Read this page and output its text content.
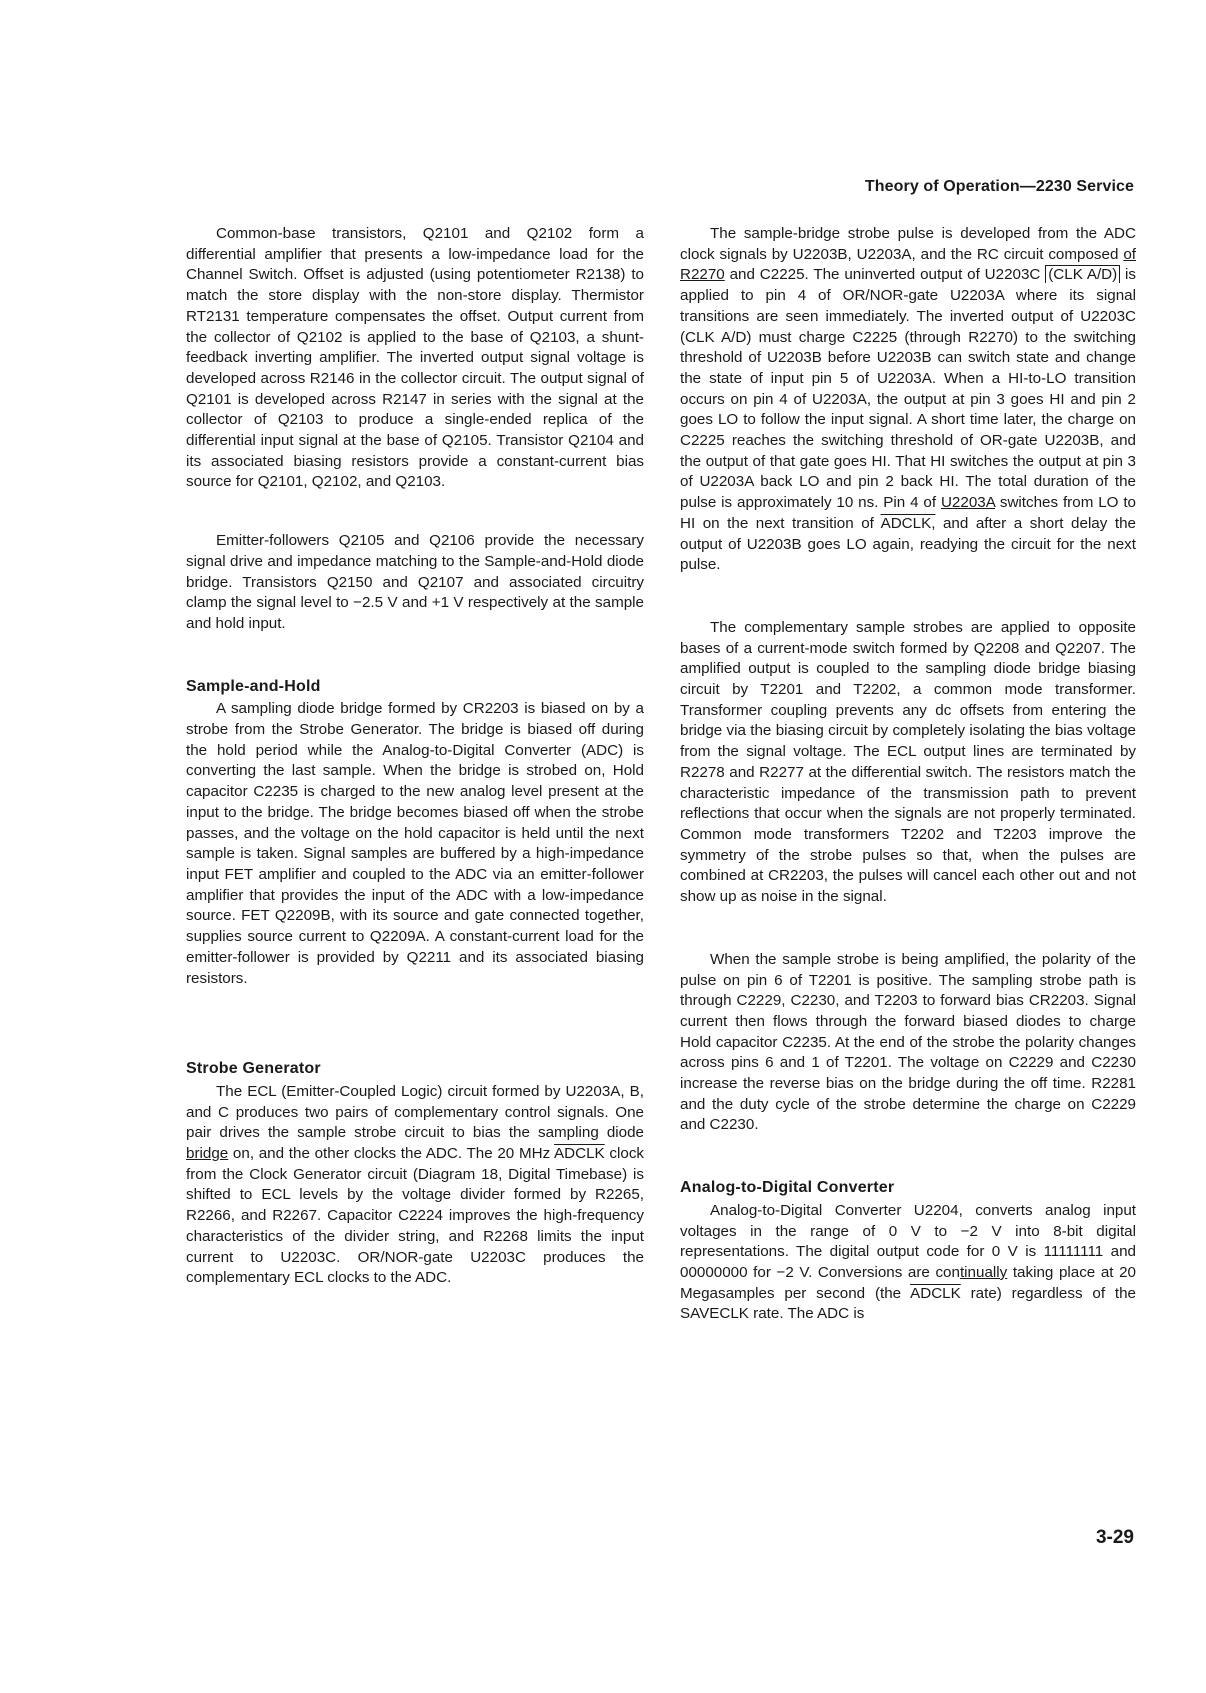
Theory of Operation—2230 Service

Common-base transistors, Q2101 and Q2102 form a differential amplifier that presents a low-impedance load for the Channel Switch. Offset is adjusted (using potentiometer R2138) to match the store display with the non-store display. Thermistor RT2131 temperature compensates the offset. Output current from the collector of Q2102 is applied to the base of Q2103, a shunt-feedback inverting amplifier. The inverted output signal voltage is developed across R2146 in the collector circuit. The output signal of Q2101 is developed across R2147 in series with the signal at the collector of Q2103 to produce a single-ended replica of the differential input signal at the base of Q2105. Transistor Q2104 and its associated biasing resistors provide a constant-current bias source for Q2101, Q2102, and Q2103.

Emitter-followers Q2105 and Q2106 provide the necessary signal drive and impedance matching to the Sample-and-Hold diode bridge. Transistors Q2150 and Q2107 and associated circuitry clamp the signal level to −2.5 V and +1 V respectively at the sample and hold input.

Sample-and-Hold

A sampling diode bridge formed by CR2203 is biased on by a strobe from the Strobe Generator. The bridge is biased off during the hold period while the Analog-to-Digital Converter (ADC) is converting the last sample. When the bridge is strobed on, Hold capacitor C2235 is charged to the new analog level present at the input to the bridge. The bridge becomes biased off when the strobe passes, and the voltage on the hold capacitor is held until the next sample is taken. Signal samples are buffered by a high-impedance input FET amplifier and coupled to the ADC via an emitter-follower amplifier that provides the input of the ADC with a low-impedance source. FET Q2209B, with its source and gate connected together, supplies source current to Q2209A. A constant-current load for the emitter-follower is provided by Q2211 and its associated biasing resistors.

Strobe Generator

The ECL (Emitter-Coupled Logic) circuit formed by U2203A, B, and C produces two pairs of complementary control signals. One pair drives the sample strobe circuit to bias the sampling diode bridge on, and the other clocks the ADC. The 20 MHz ADCLK clock from the Clock Generator circuit (Diagram 18, Digital Timebase) is shifted to ECL levels by the voltage divider formed by R2265, R2266, and R2267. Capacitor C2224 improves the high-frequency characteristics of the divider string, and R2268 limits the input current to U2203C. OR/NOR-gate U2203C produces the complementary ECL clocks to the ADC.

The sample-bridge strobe pulse is developed from the ADC clock signals by U2203B, U2203A, and the RC circuit composed of R2270 and C2225. The uninverted output of U2203C (CLK A/D) is applied to pin 4 of OR/NOR-gate U2203A where its signal transitions are seen immediately. The inverted output of U2203C (CLK A/D) must charge C2225 (through R2270) to the switching threshold of U2203B before U2203B can switch state and change the state of input pin 5 of U2203A. When a HI-to-LO transition occurs on pin 4 of U2203A, the output at pin 3 goes HI and pin 2 goes LO to follow the input signal. A short time later, the charge on C2225 reaches the switching threshold of OR-gate U2203B, and the output of that gate goes HI. That HI switches the output at pin 3 of U2203A back LO and pin 2 back HI. The total duration of the pulse is approximately 10 ns. Pin 4 of U2203A switches from LO to HI on the next transition of ADCLK, and after a short delay the output of U2203B goes LO again, readying the circuit for the next pulse.

The complementary sample strobes are applied to opposite bases of a current-mode switch formed by Q2208 and Q2207. The amplified output is coupled to the sampling diode bridge biasing circuit by T2201 and T2202, a common mode transformer. Transformer coupling prevents any dc offsets from entering the bridge via the biasing circuit by completely isolating the bias voltage from the signal voltage. The ECL output lines are terminated by R2278 and R2277 at the differential switch. The resistors match the characteristic impedance of the transmission path to prevent reflections that occur when the signals are not properly terminated. Common mode transformers T2202 and T2203 improve the symmetry of the strobe pulses so that, when the pulses are combined at CR2203, the pulses will cancel each other out and not show up as noise in the signal.

When the sample strobe is being amplified, the polarity of the pulse on pin 6 of T2201 is positive. The sampling strobe path is through C2229, C2230, and T2203 to forward bias CR2203. Signal current then flows through the forward biased diodes to charge Hold capacitor C2235. At the end of the strobe the polarity changes across pins 6 and 1 of T2201. The voltage on C2229 and C2230 increase the reverse bias on the bridge during the off time. R2281 and the duty cycle of the strobe determine the charge on C2229 and C2230.

Analog-to-Digital Converter

Analog-to-Digital Converter U2204, converts analog input voltages in the range of 0 V to −2 V into 8-bit digital representations. The digital output code for 0 V is 11111111 and 00000000 for −2 V. Conversions are continually taking place at 20 Megasamples per second (the ADCLK rate) regardless of the SAVECLK rate. The ADC is

3-29
